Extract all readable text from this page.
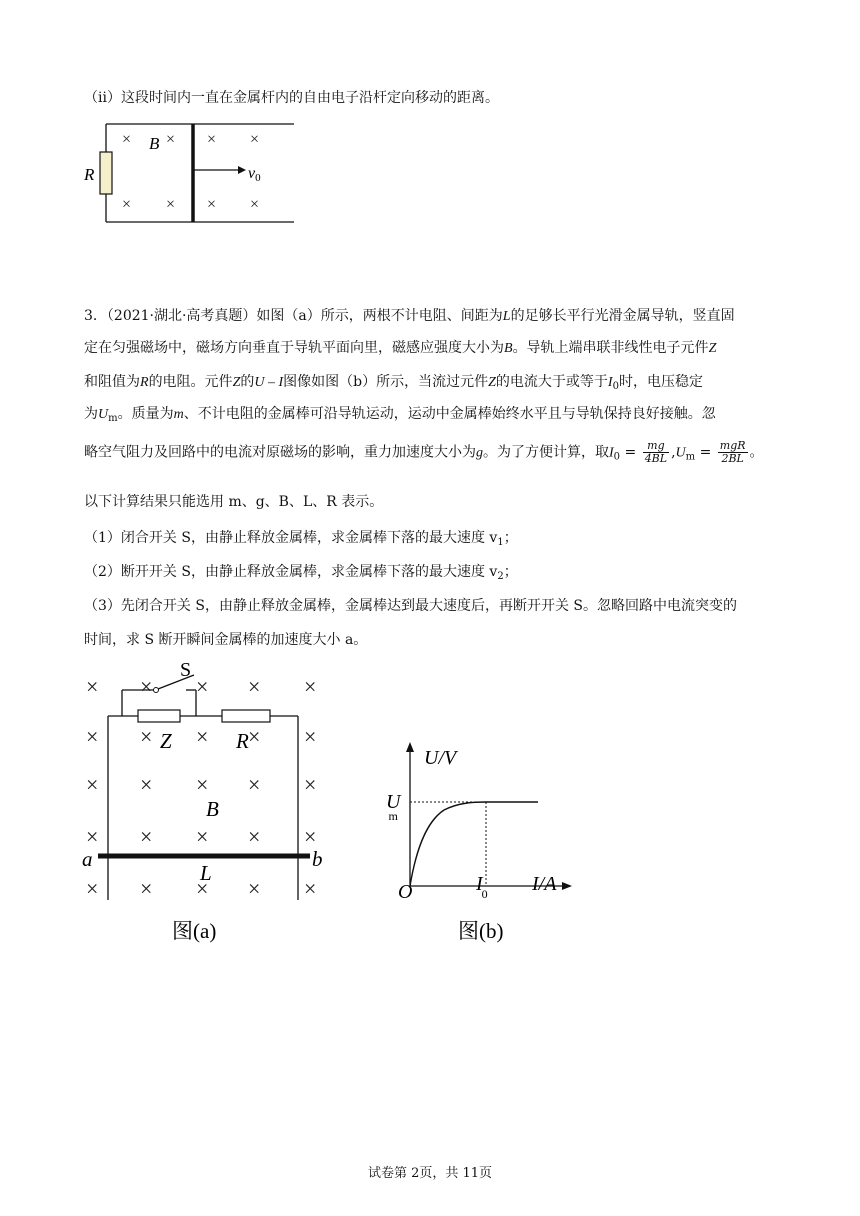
（ii）这段时间内一直在金属杆内的自由电子沿杆定向移动的距离。
R	v0
B
× × × ×
× × × ×
3．（2021·湖北·高考真题）如图（a）所示，两根不计电阻、间距为L的足够长平行光滑金属导轨，竖直固
定在匀强磁场中，磁场方向垂直于导轨平面向里，磁感应强度大小为B。导轨上端串联非线性电子元件Z
和阻值为R的电阻。元件Z的U – I图像如图（b）所示，当流过元件Z的电流大于或等于$I_0$时，电压稳定
为$U_m$。质量为m、不计电阻的金属棒可沿导轨运动，运动中金属棒始终水平且与导轨保持良好接触。忽
略空气阻力及回路中的电流对原磁场的影响，重力加速度大小为g。为了方便计算，取$I_0 = \frac{mg}{4BL} ,U_m = \frac{\text{mgR}}{2BL}$ 。
以下计算结果只能选用 m、g、B、L、R 表示。
（1）闭合开关 S，由静止释放金属棒，求金属棒下落的最大速度 $v_1$；
（2）断开开关 S，由静止释放金属棒，求金属棒下落的最大速度 $v_2$；
（3）先闭合开关 S，由静止释放金属棒，金属棒达到最大速度后，再断开开关 S。忽略回路中电流突变的
时间，求 S 断开瞬间金属棒的加速度大小 a。
× × × × ×
× × × × ×
× × × × ×
× × × × ×
× × × × ×
S
Z	R
B
a	b
L
图(a)
U/V
I/A
O
U m
I0
图(b)
试卷第 2页，共 11页
